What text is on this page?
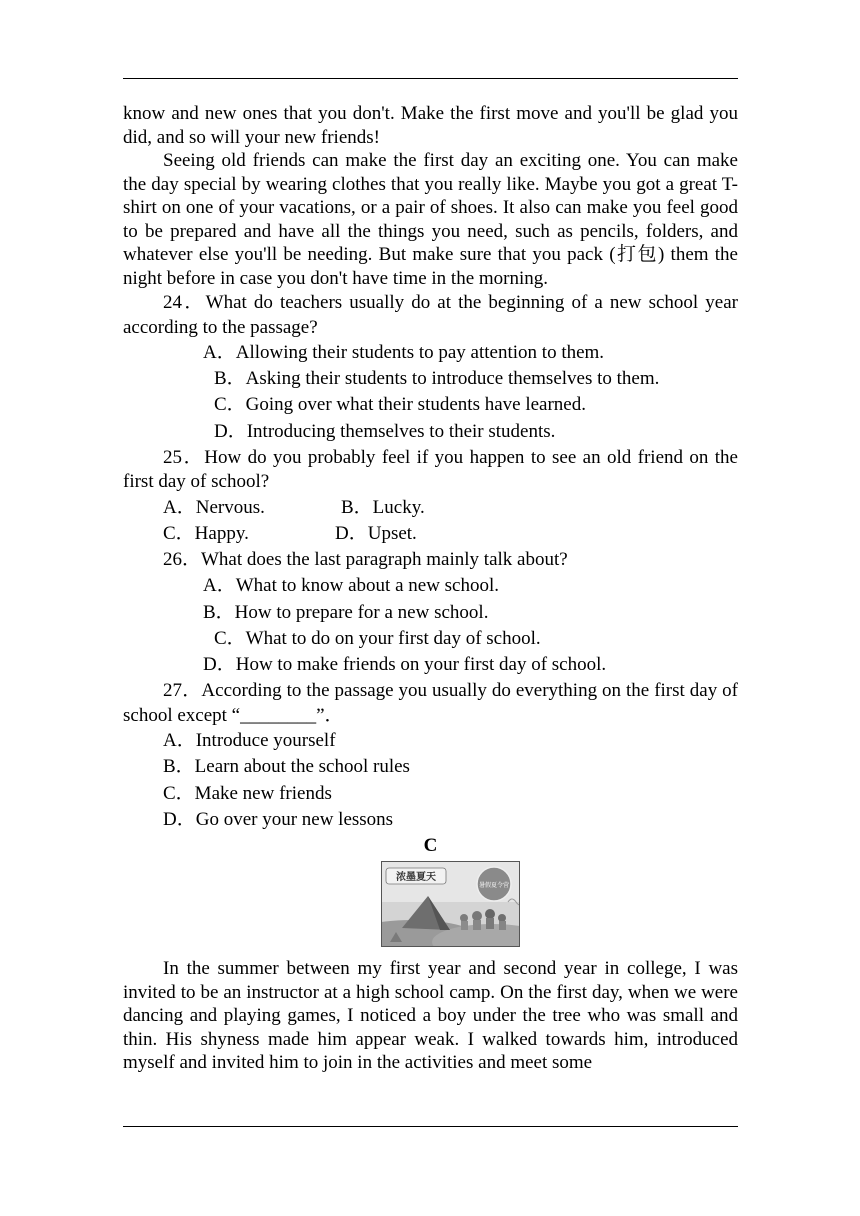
know and new ones that you don't. Make the first move and you'll be glad you did, and so will your new friends!

Seeing old friends can make the first day an exciting one. You can make the day special by wearing clothes that you really like. Maybe you got a great T-shirt on one of your vacations, or a pair of shoes. It also can make you feel good to be prepared and have all the things you need, such as pencils, folders, and whatever else you'll be needing. But make sure that you pack (打包) them the night before in case you don't have time in the morning.

24．What do teachers usually do at the beginning of a new school year according to the passage?

A．Allowing their students to pay attention to them.
B．Asking their students to introduce themselves to them.
C．Going over what their students have learned.
D．Introducing themselves to their students.

25．How do you probably feel if you happen to see an old friend on the first day of school?

A．Nervous.	B．Lucky.
C．Happy.	D．Upset.
26．What does the last paragraph mainly talk about?
A．What to know about a new school.
B．How to prepare for a new school.
C．What to do on your first day of school.
D．How to make friends on your first day of school.

27．According to the passage you usually do everything on the first day of school except “________”．

A．Introduce yourself
B．Learn about the school rules
C．Make new friends
D．Go over your new lessons
C
浓墨夏天
暑假夏令营

In the summer between my first year and second year in college, I was invited to be an instructor at a high school camp. On the first day, when we were dancing and playing games, I noticed a boy under the tree who was small and thin. His shyness made him appear weak. I walked towards him, introduced myself and invited him to join in the activities and meet some
